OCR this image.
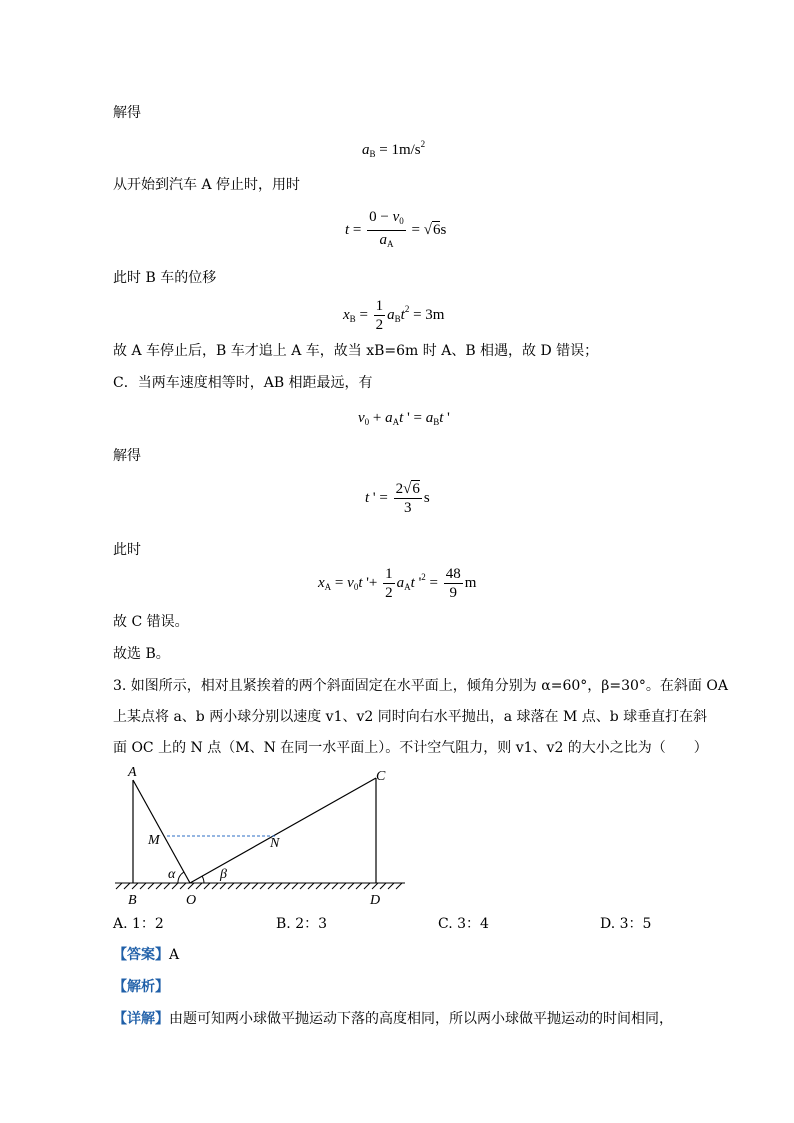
解得
$a_B = 1m/s^2$
从开始到汽车 A 停止时，用时
$t = \frac{0 - v_0}{a_A} = √6s$
此时 B 车的位移
$x_B = \frac{1}{2} a_Bt^2 = 3m$
故 A 车停止后，B 车才追上 A 车，故当 xB=6m 时 A、B 相遇，故 D 错误；
C．当两车速度相等时，AB 相距最远，有
$v_0 + a_At$ ' = $a_Bt$ '
解得
t ' = $\frac{2√6}{3}$ s
此时
$x_A = v_0t$ '+ $\frac{1}{2} a_At$ '$^2 = \frac{48}{9}$ m
故 C 错误。
故选 B。
3. 如图所示，相对且紧挨着的两个斜面固定在水平面上，倾角分别为 α=60°，β=30°。在斜面 OA
上某点将 a、b 两小球分别以速度 v1、v2 同时向右水平抛出，a 球落在 M 点、b 球垂直打在斜
面 OC 上的 N 点（M、N 在同一水平面上）。不计空气阻力，则 v1、v2 的大小之比为（　　）
A
M	N
C
α	β
B	O	D
A. 1：2	B. 2：3	C. 3：4	D. 3：5
【答案】A
【解析】
【详解】由题可知两小球做平抛运动下落的高度相同，所以两小球做平抛运动的时间相同，
